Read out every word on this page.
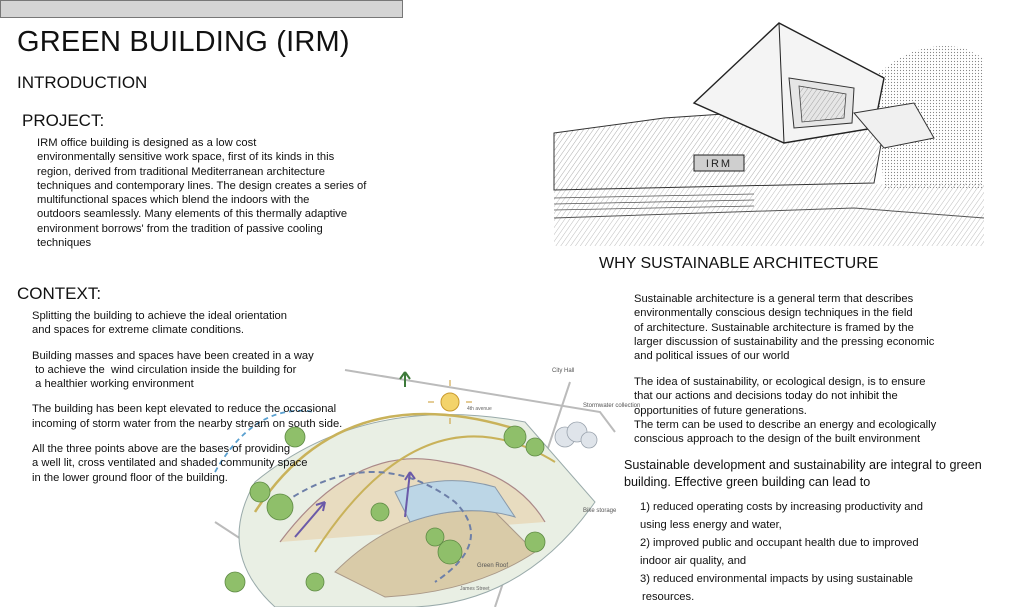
GREEN BUILDING (IRM)
INTRODUCTION
PROJECT:
IRM office building is designed as a low cost
environmentally sensitive work space, first of its kinds in this
region, derived from traditional Mediterranean architecture
techniques and contemporary lines. The design creates a series of
multifunctional spaces which blend the indoors with the
outdoors seamlessly. Many elements of this thermally adaptive
environment borrows' from the tradition of passive cooling
techniques
City Hall
Stormwater collection
Bike storage
Green Roof
4th avenue
James Street
CONTEXT:

Splitting the building to achieve the ideal orientation
and spaces for extreme climate conditions.

Building masses and spaces have been created in a way
to achieve the  wind circulation inside the building for
a healthier working environment

The building has been kept elevated to reduce the occasional
incoming of storm water from the nearby stream on south side.

All the three points above are the bases of providing
a well lit, cross ventilated and shaded community space
in the lower ground floor of the building.

IRM
WHY SUSTAINABLE ARCHITECTURE
Sustainable architecture is a general term that describes
environmentally conscious design techniques in the field
of architecture. Sustainable architecture is framed by the
larger discussion of sustainability and the pressing economic
and political issues of our world
The idea of sustainability, or ecological design, is to ensure
that our actions and decisions today do not inhibit the
opportunities of future generations.
The term can be used to describe an energy and ecologically
conscious approach to the design of the built environment
Sustainable development and sustainability are integral to green
building. Effective green building can lead to
1) reduced operating costs by increasing productivity and
using less energy and water,
2) improved public and occupant health due to improved
indoor air quality, and
3) reduced environmental impacts by using sustainable
resources.
